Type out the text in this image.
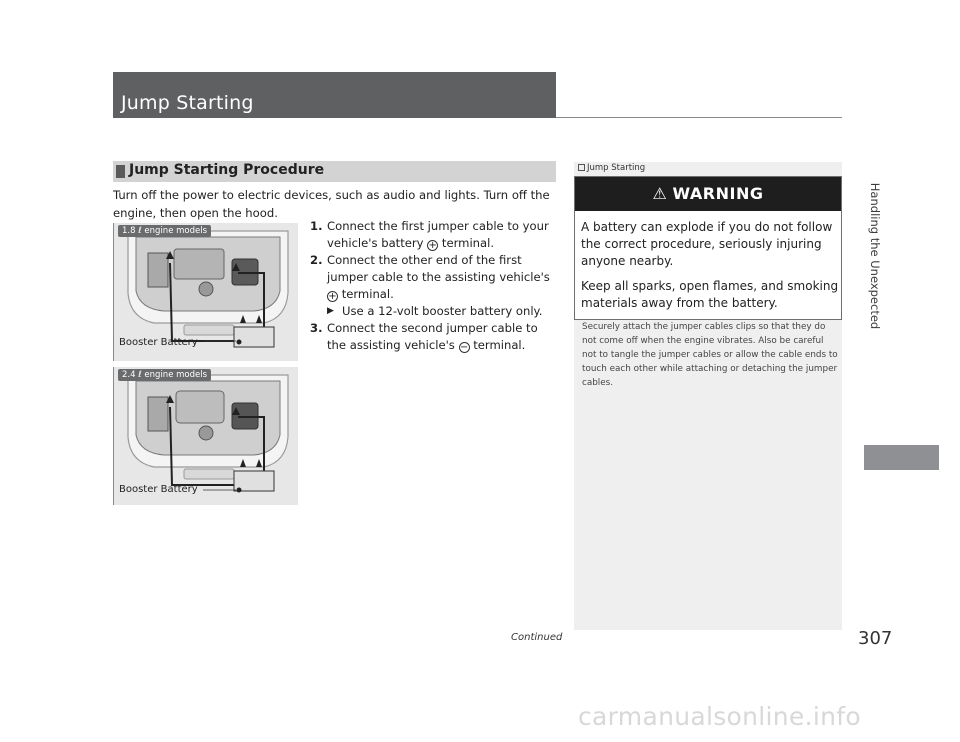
Jump Starting
Handling the Unexpected
Jump Starting Procedure
Turn off the power to electric devices, such as audio and lights. Turn off the engine, then open the hood.
1. Connect the first jumper cable to your vehicle's battery + terminal.
2. Connect the other end of the first jumper cable to the assisting vehicle's + terminal.
▶ Use a 12-volt booster battery only.
3. Connect the second jumper cable to the assisting vehicle's − terminal.
1.8 ℓ engine models
Booster Battery
2.4 ℓ engine models
Booster Battery
Jump Starting
⚠ WARNING

A battery can explode if you do not follow the correct procedure, seriously injuring anyone nearby.

Keep all sparks, open flames, and smoking materials away from the battery.

Securely attach the jumper cables clips so that they do not come off when the engine vibrates. Also be careful not to tangle the jumper cables or allow the cable ends to touch each other while attaching or detaching the jumper cables.
Continued	307
carmanualsonline.info
